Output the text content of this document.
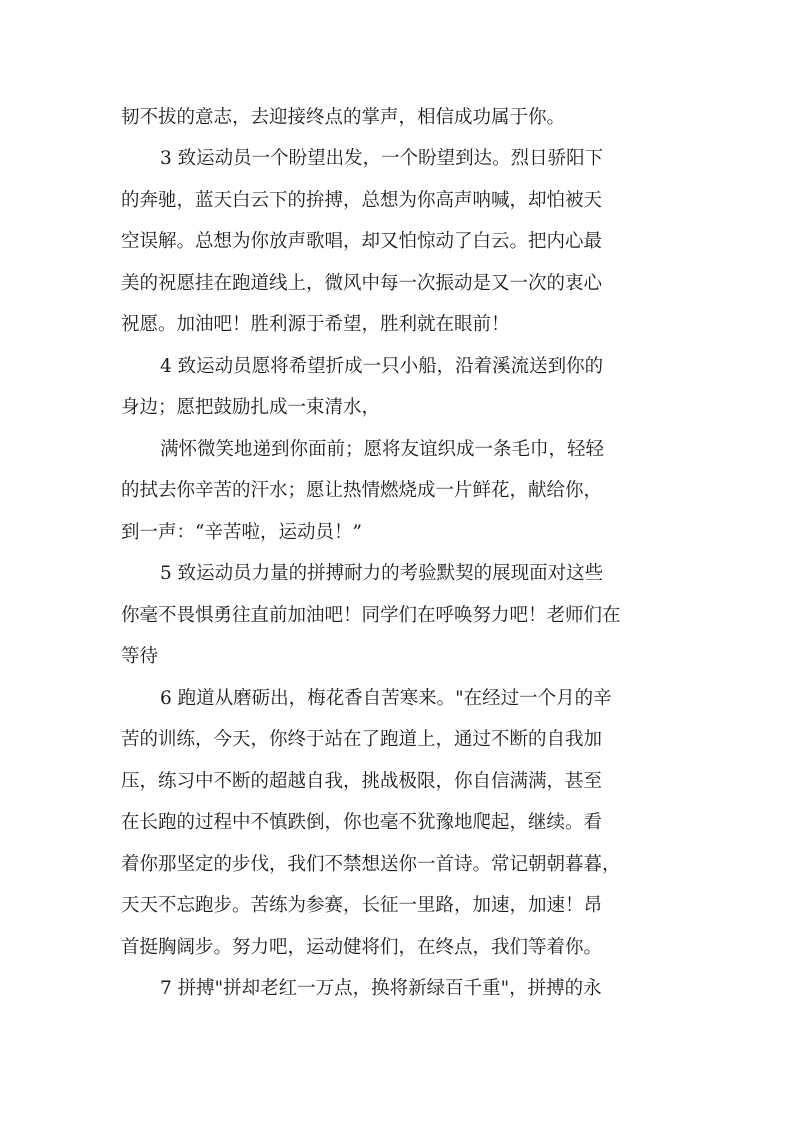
韧不拔的意志，去迎接终点的掌声，相信成功属于你。
3 致运动员一个盼望出发，一个盼望到达。烈日骄阳下
的奔驰，蓝天白云下的拚搏，总想为你高声呐喊，却怕被天
空误解。总想为你放声歌唱，却又怕惊动了白云。把内心最
美的祝愿挂在跑道线上，微风中每一次振动是又一次的衷心
祝愿。加油吧！胜利源于希望，胜利就在眼前！
4 致运动员愿将希望折成一只小船，沿着溪流送到你的
身边；愿把鼓励扎成一束清水，
满怀微笑地递到你面前；愿将友谊织成一条毛巾，轻轻
的拭去你辛苦的汗水；愿让热情燃烧成一片鲜花，献给你，
到一声：“辛苦啦，运动员！”
5 致运动员力量的拼搏耐力的考验默契的展现面对这些
你毫不畏惧勇往直前加油吧！同学们在呼唤努力吧！老师们在
等待
6 跑道从磨砺出，梅花香自苦寒来。"在经过一个月的辛
苦的训练，今天，你终于站在了跑道上，通过不断的自我加
压，练习中不断的超越自我，挑战极限，你自信满满，甚至
在长跑的过程中不慎跌倒，你也毫不犹豫地爬起，继续。看
着你那坚定的步伐，我们不禁想送你一首诗。常记朝朝暮暮，
天天不忘跑步。苦练为参赛，长征一里路，加速，加速！昂
首挺胸阔步。努力吧，运动健将们，在终点，我们等着你。
7 拼搏"拼却老红一万点，换将新绿百千重"，拼搏的永
